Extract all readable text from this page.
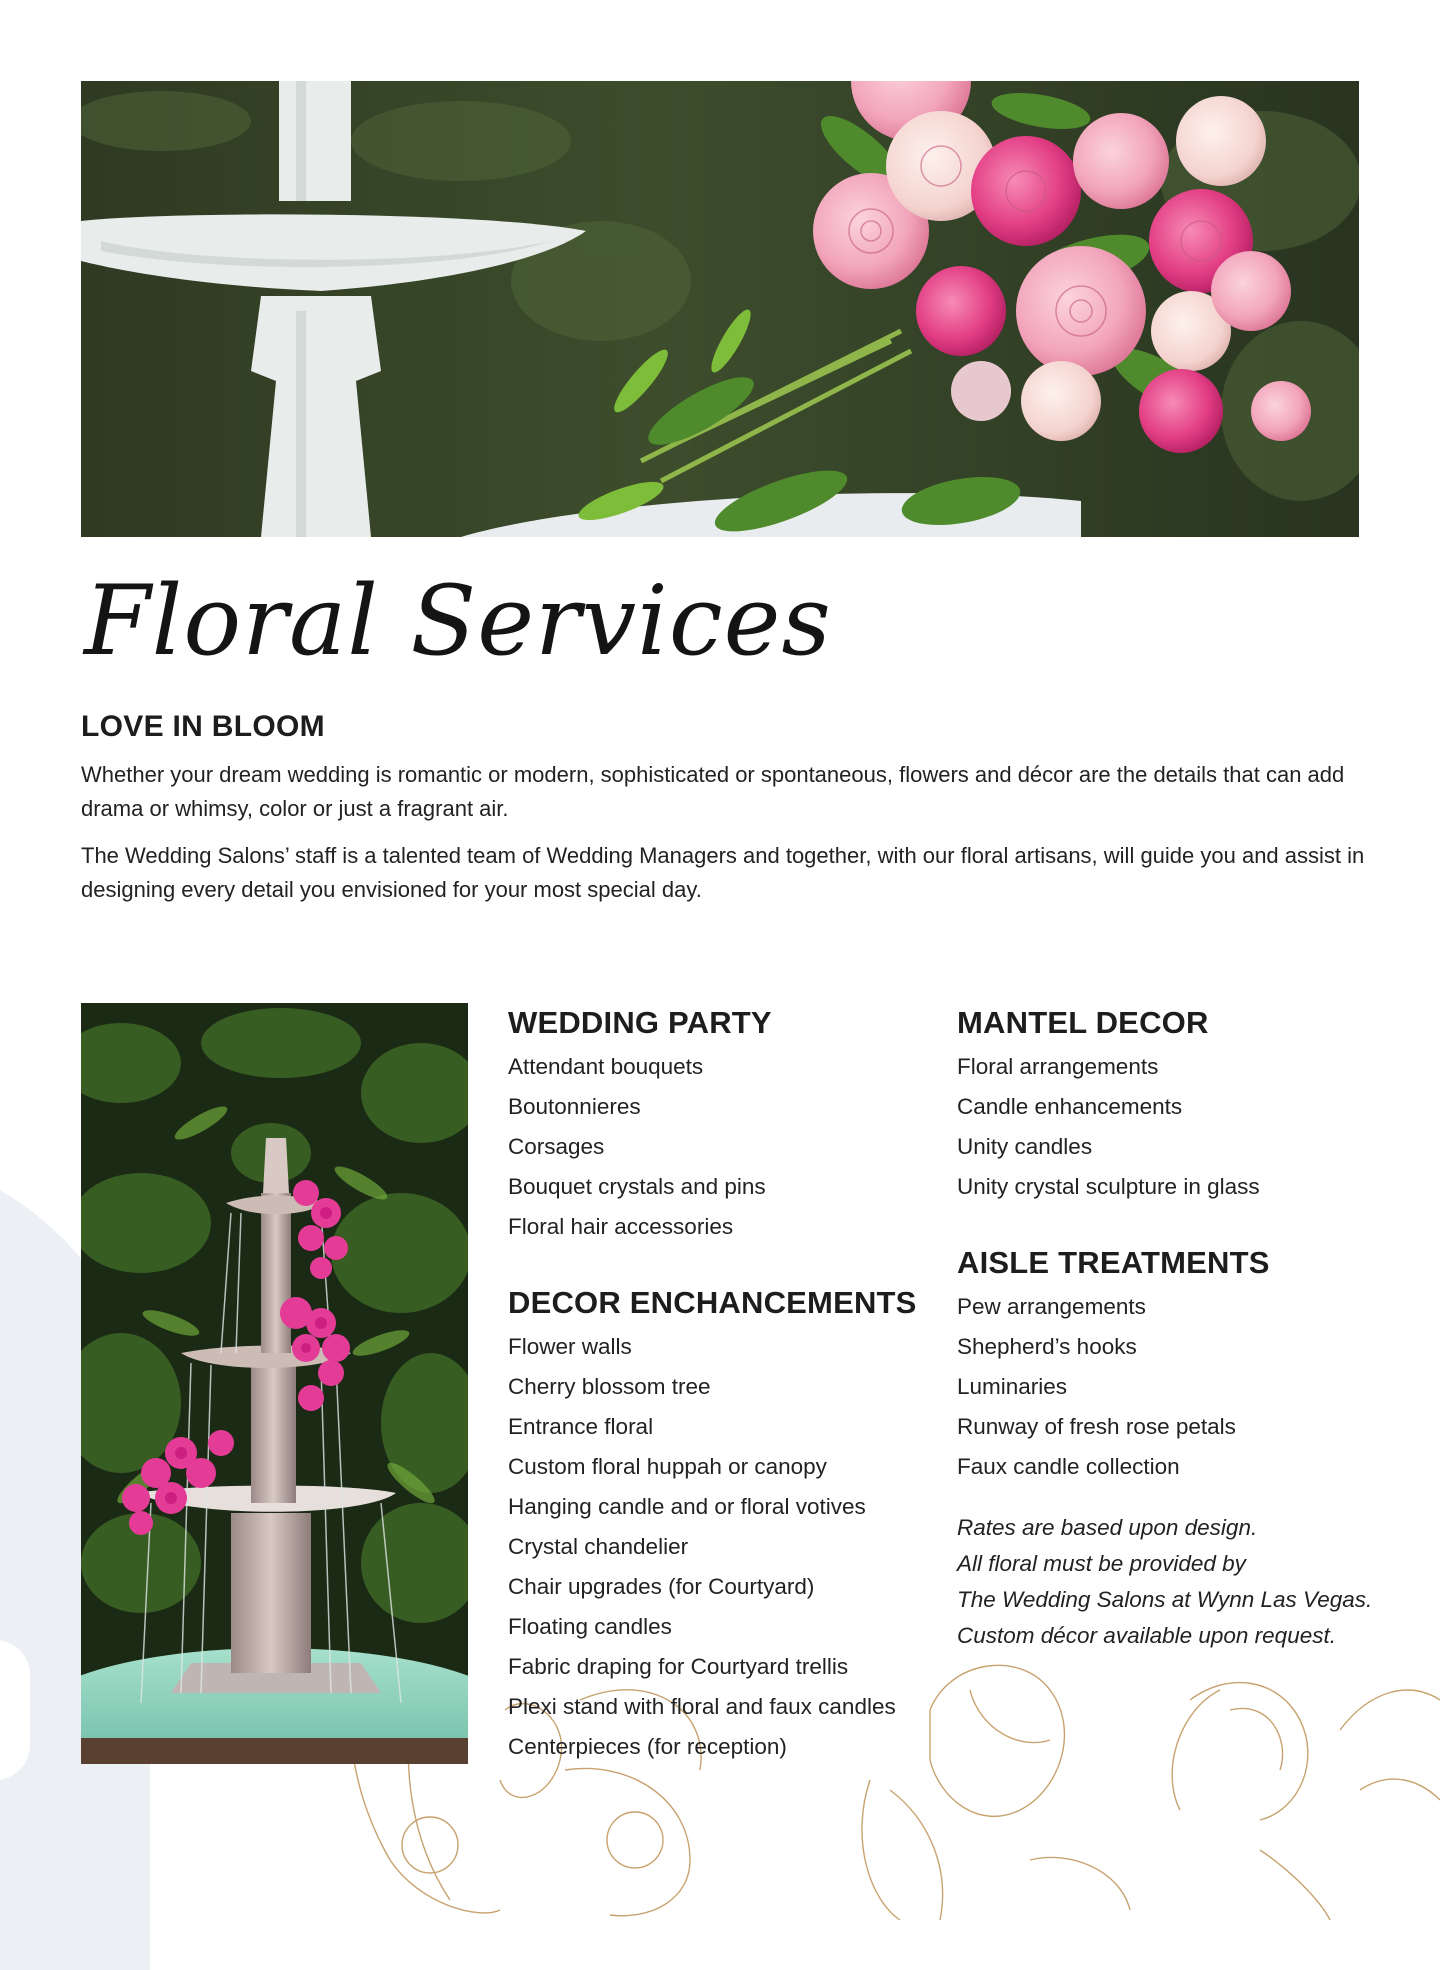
Floral Services
LOVE IN BLOOM

Whether your dream wedding is romantic or modern, sophisticated or spontaneous, flowers and décor are the details that can add drama or whimsy, color or just a fragrant air.

The Wedding Salons’ staff is a talented team of Wedding Managers and together, with our floral artisans, will guide you and assist in designing every detail you envisioned for your most special day.

WEDDING PARTY
Attendant bouquets
Boutonnieres
Corsages
Bouquet crystals and pins
Floral hair accessories
DECOR ENCHANCEMENTS
Flower walls
Cherry blossom tree
Entrance floral
Custom floral huppah or canopy
Hanging candle and or floral votives
Crystal chandelier
Chair upgrades (for Courtyard)
Floating candles
Fabric draping for Courtyard trellis
Plexi stand with floral and faux candles
Centerpieces (for reception)
MANTEL DECOR
Floral arrangements
Candle enhancements
Unity candles
Unity crystal sculpture in glass
AISLE TREATMENTS
Pew arrangements
Shepherd’s hooks
Luminaries
Runway of fresh rose petals
Faux candle collection
Rates are based upon design.
All floral must be provided by
The Wedding Salons at Wynn Las Vegas.
Custom décor available upon request.
